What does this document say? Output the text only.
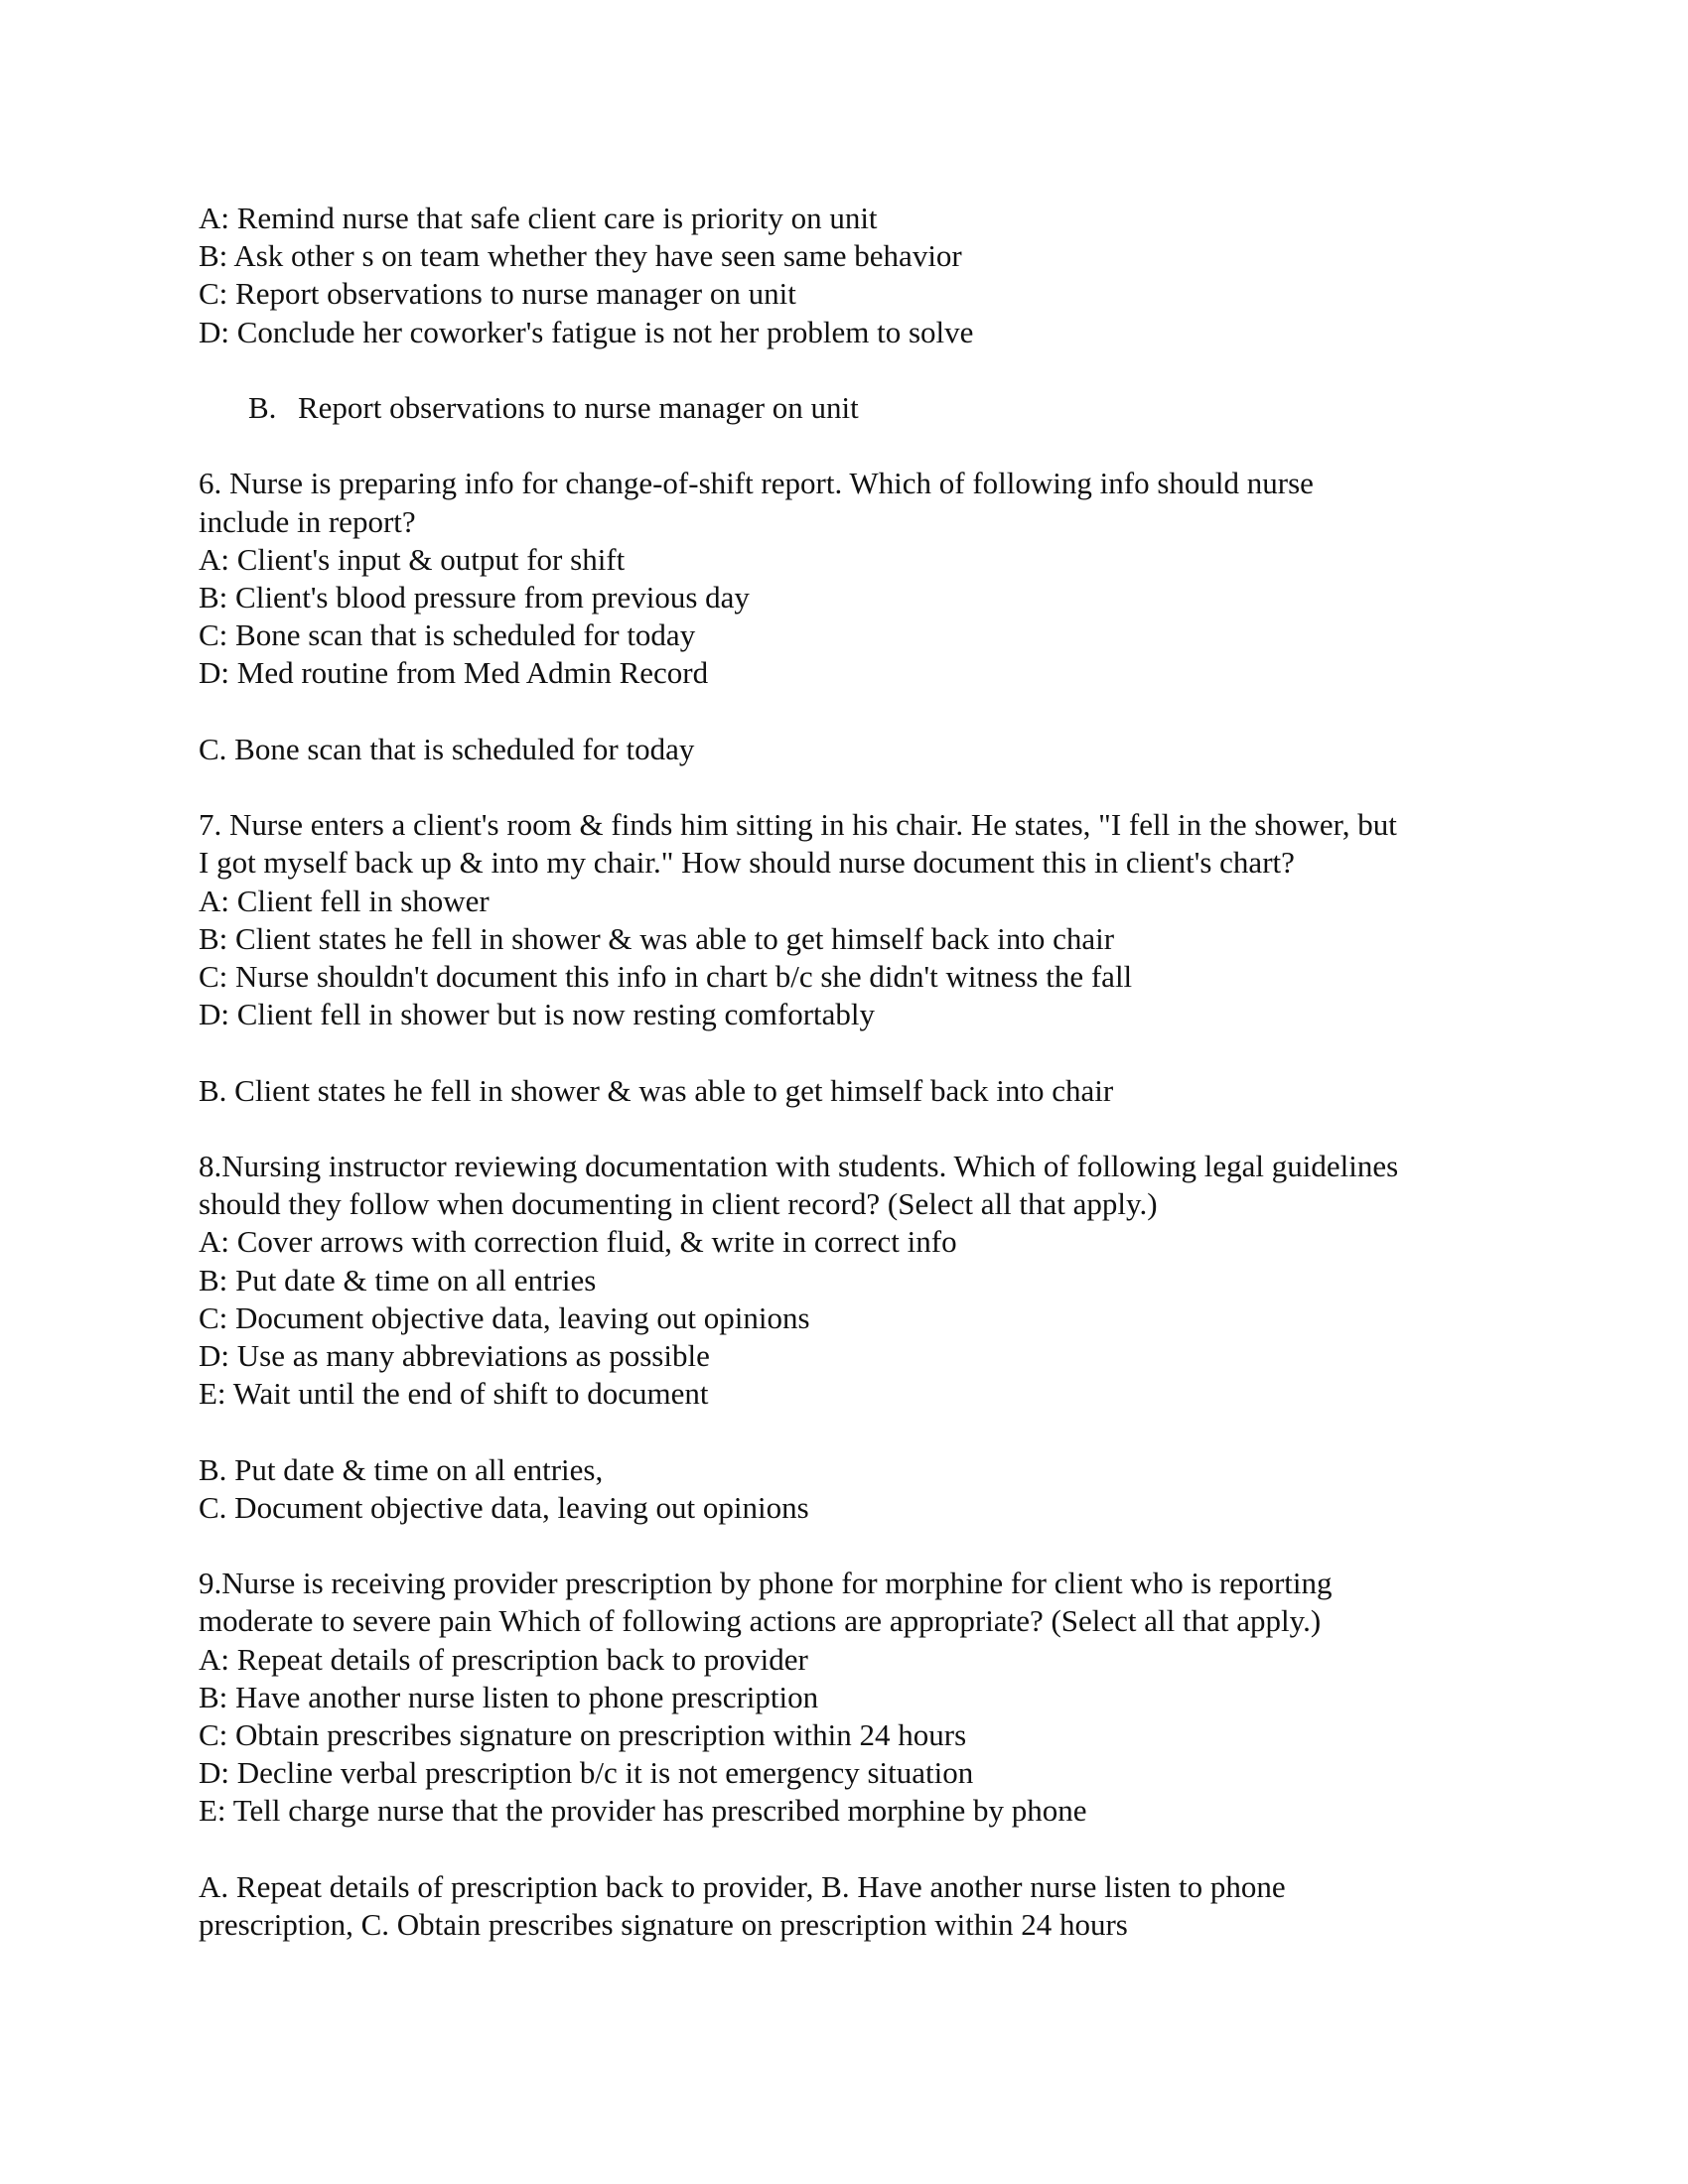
A: Remind nurse that safe client care is priority on unit
B: Ask other s on team whether they have seen same behavior
C: Report observations to nurse manager on unit
D: Conclude her coworker's fatigue is not her problem to solve
B. Report observations to nurse manager on unit
6. Nurse is preparing info for change-of-shift report. Which of following info should nurse
include in report?
A: Client's input & output for shift
B: Client's blood pressure from previous day
C: Bone scan that is scheduled for today
D: Med routine from Med Admin Record
C. Bone scan that is scheduled for today
7. Nurse enters a client's room & finds him sitting in his chair. He states, "I fell in the shower, but
I got myself back up & into my chair." How should nurse document this in client's chart?
A: Client fell in shower
B: Client states he fell in shower & was able to get himself back into chair
C: Nurse shouldn't document this info in chart b/c she didn't witness the fall
D: Client fell in shower but is now resting comfortably
B. Client states he fell in shower & was able to get himself back into chair
8.Nursing instructor reviewing documentation with students. Which of following legal guidelines
should they follow when documenting in client record? (Select all that apply.)
A: Cover arrows with correction fluid, & write in correct info
B: Put date & time on all entries
C: Document objective data, leaving out opinions
D: Use as many abbreviations as possible
E: Wait until the end of shift to document
B. Put date & time on all entries,
C. Document objective data, leaving out opinions
9.Nurse is receiving provider prescription by phone for morphine for client who is reporting
moderate to severe pain Which of following actions are appropriate? (Select all that apply.)
A: Repeat details of prescription back to provider
B: Have another nurse listen to phone prescription
C: Obtain prescribes signature on prescription within 24 hours
D: Decline verbal prescription b/c it is not emergency situation
E: Tell charge nurse that the provider has prescribed morphine by phone
A. Repeat details of prescription back to provider, B. Have another nurse listen to phone
prescription, C. Obtain prescribes signature on prescription within 24 hours
